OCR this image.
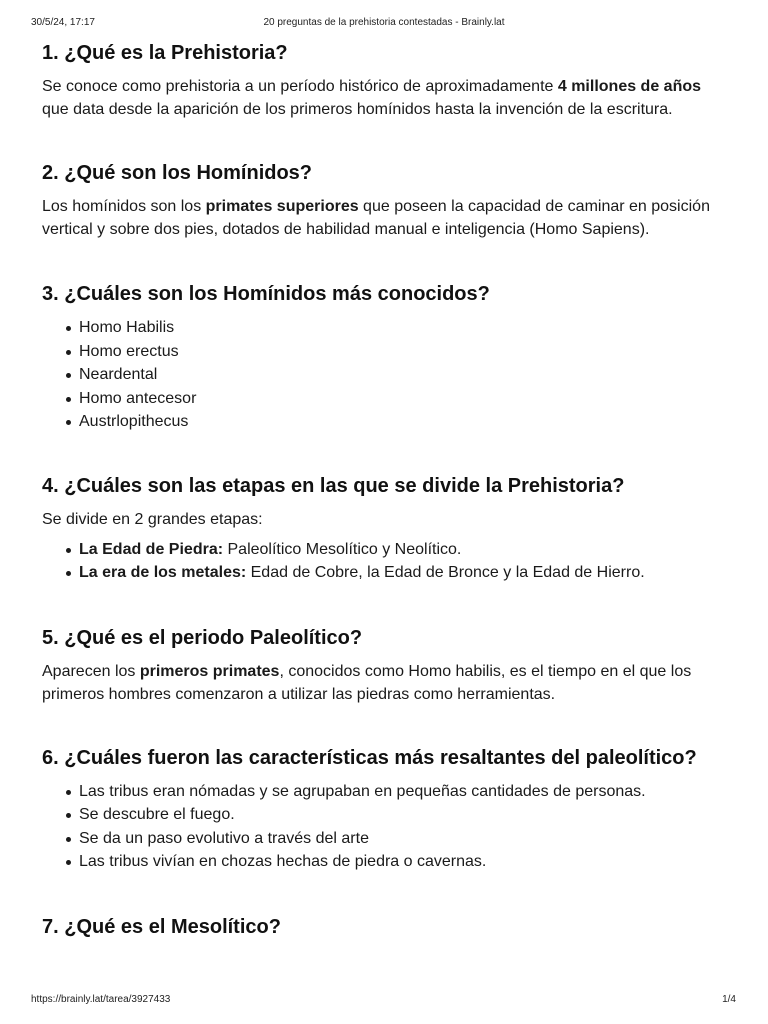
30/5/24, 17:17	20 preguntas de la prehistoria contestadas - Brainly.lat
1. ¿Qué es la Prehistoria?

Se conoce como prehistoria a un período histórico de aproximadamente 4 millones de años que data desde la aparición de los primeros homínidos hasta la invención de la escritura.

2. ¿Qué son los Homínidos?

Los homínidos son los primates superiores que poseen la capacidad de caminar en posición vertical y sobre dos pies, dotados de habilidad manual e inteligencia (Homo Sapiens).

3. ¿Cuáles son los Homínidos más conocidos?
Homo Habilis
Homo erectus
Neardental
Homo antecesor
Austrlopithecus
4. ¿Cuáles son las etapas en las que se divide la Prehistoria?

Se divide en 2 grandes etapas:

La Edad de Piedra: Paleolítico Mesolítico y Neolítico.
La era de los metales: Edad de Cobre, la Edad de Bronce y la Edad de Hierro.
5. ¿Qué es el periodo Paleolítico?

Aparecen los primeros primates, conocidos como Homo habilis, es el tiempo en el que los primeros hombres comenzaron a utilizar las piedras como herramientas.

6. ¿Cuáles fueron las características más resaltantes del paleolítico?
Las tribus eran nómadas y se agrupaban en pequeñas cantidades de personas.
Se descubre el fuego.
Se da un paso evolutivo a través del arte
Las tribus vivían en chozas hechas de piedra o cavernas.
7. ¿Qué es el Mesolítico?
https://brainly.lat/tarea/3927433	1/4
